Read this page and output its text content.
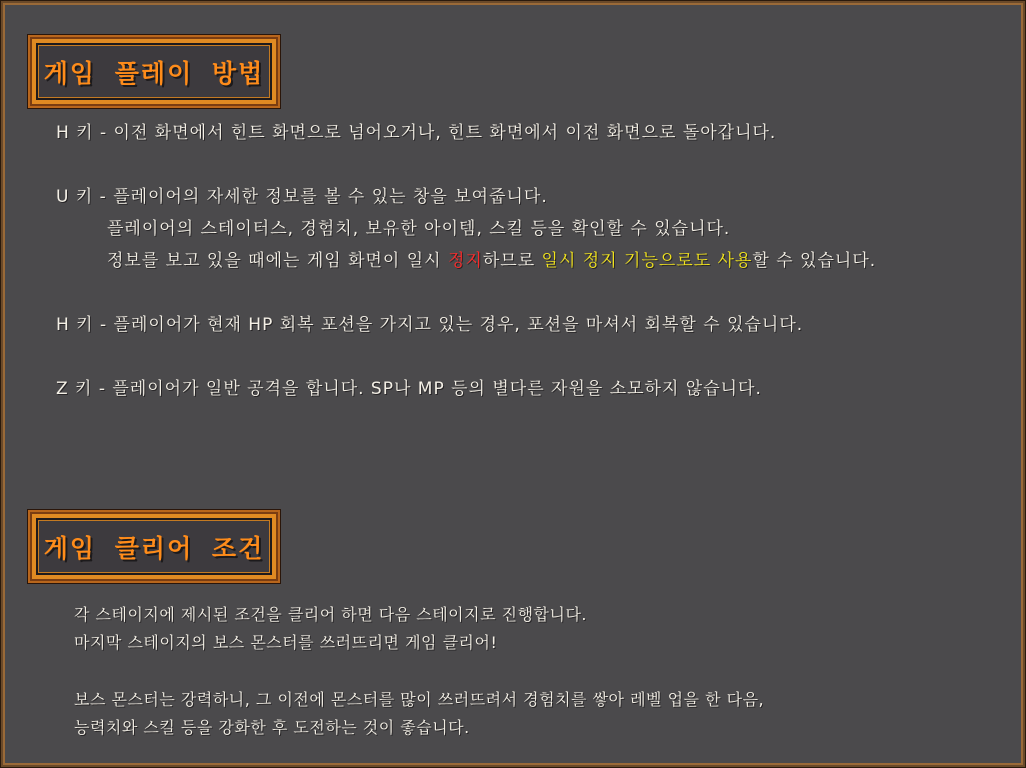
게임 플레이 방법
H 키 - 이전 화면에서 힌트 화면으로 넘어오거나, 힌트 화면에서 이전 화면으로 돌아갑니다.
U 키 - 플레이어의 자세한 정보를 볼 수 있는 창을 보여줍니다.
플레이어의 스테이터스, 경험치, 보유한 아이템, 스킬 등을 확인할 수 있습니다.
정보를 보고 있을 때에는 게임 화면이 일시 정지하므로 일시 정지 기능으로도 사용할 수 있습니다.
H 키 - 플레이어가 현재 HP 회복 포션을 가지고 있는 경우, 포션을 마셔서 회복할 수 있습니다.
Z 키 - 플레이어가 일반 공격을 합니다. SP나 MP 등의 별다른 자원을 소모하지 않습니다.
게임 클리어 조건
각 스테이지에 제시된 조건을 클리어 하면 다음 스테이지로 진행합니다.
마지막 스테이지의 보스 몬스터를 쓰러뜨리면 게임 클리어!
보스 몬스터는 강력하니, 그 이전에 몬스터를 많이 쓰러뜨려서 경험치를 쌓아 레벨 업을 한 다음,
능력치와 스킬 등을 강화한 후 도전하는 것이 좋습니다.
